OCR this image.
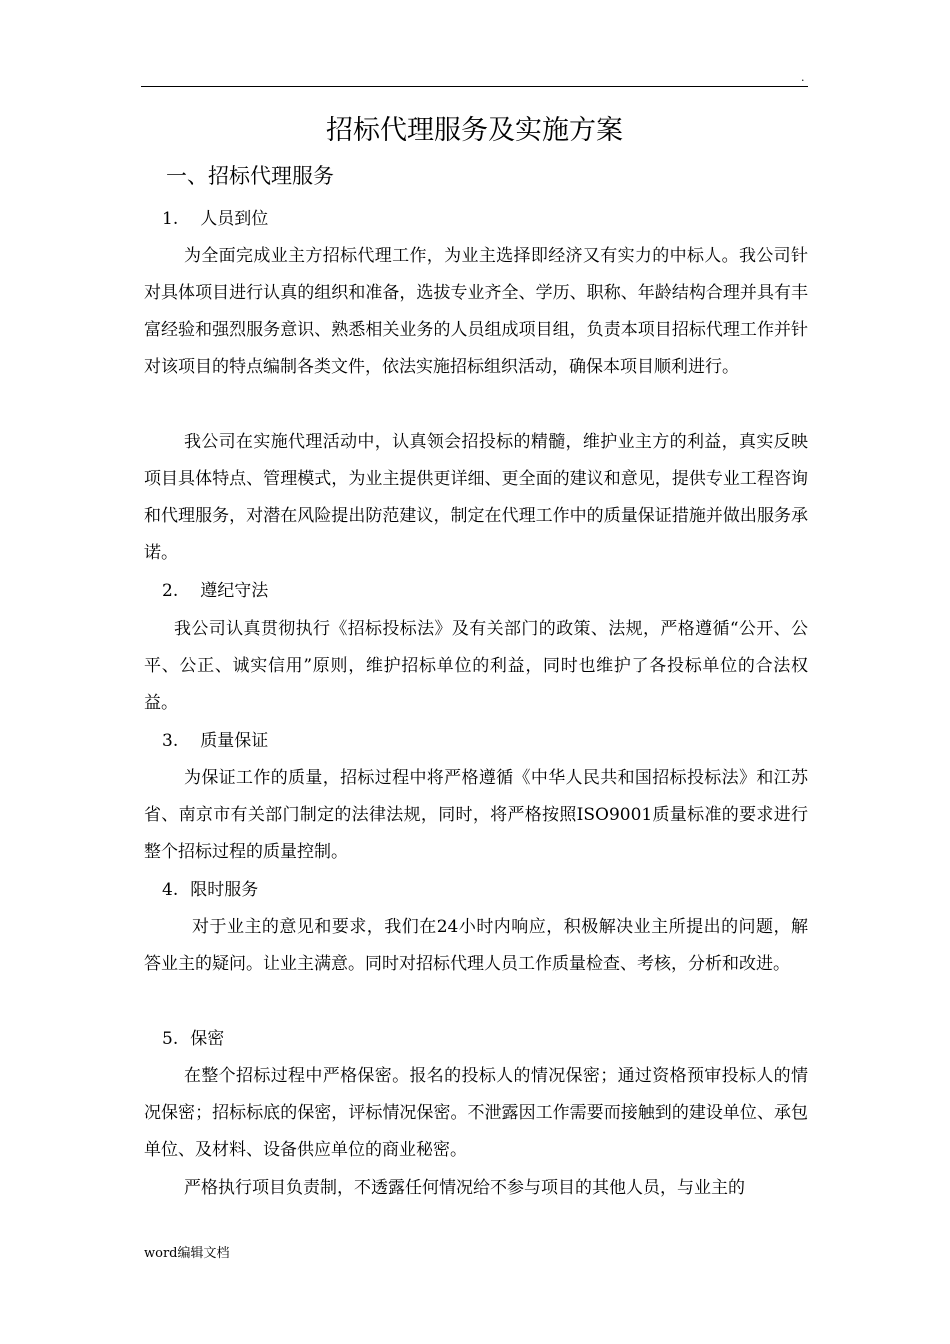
.
招标代理服务及实施方案
一、招标代理服务
1. 人员到位
为全面完成业主方招标代理工作，为业主选择即经济又有实力的中标人。我公司针对具体项目进行认真的组织和准备，选拔专业齐全、学历、职称、年龄结构合理并具有丰富经验和强烈服务意识、熟悉相关业务的人员组成项目组，负责本项目招标代理工作并针对该项目的特点编制各类文件，依法实施招标组织活动，确保本项目顺利进行。
我公司在实施代理活动中，认真领会招投标的精髓，维护业主方的利益，真实反映项目具体特点、管理模式，为业主提供更详细、更全面的建议和意见，提供专业工程咨询和代理服务，对潜在风险提出防范建议，制定在代理工作中的质量保证措施并做出服务承诺。
2. 遵纪守法
我公司认真贯彻执行《招标投标法》及有关部门的政策、法规，严格遵循“公开、公平、公正、诚实信用”原则，维护招标单位的利益，同时也维护了各投标单位的合法权益。
3. 质量保证
为保证工作的质量，招标过程中将严格遵循《中华人民共和国招标投标法》和江苏省、南京市有关部门制定的法律法规，同时，将严格按照ISO9001质量标准的要求进行整个招标过程的质量控制。
4. 限时服务
对于业主的意见和要求，我们在24小时内响应，积极解决业主所提出的问题，解答业主的疑问。让业主满意。同时对招标代理人员工作质量检查、考核，分析和改进。
5. 保密
在整个招标过程中严格保密。报名的投标人的情况保密；通过资格预审投标人的情况保密；招标标底的保密，评标情况保密。不泄露因工作需要而接触到的建设单位、承包单位、及材料、设备供应单位的商业秘密。
严格执行项目负责制，不透露任何情况给不参与项目的其他人员，与业主的
word编辑文档
